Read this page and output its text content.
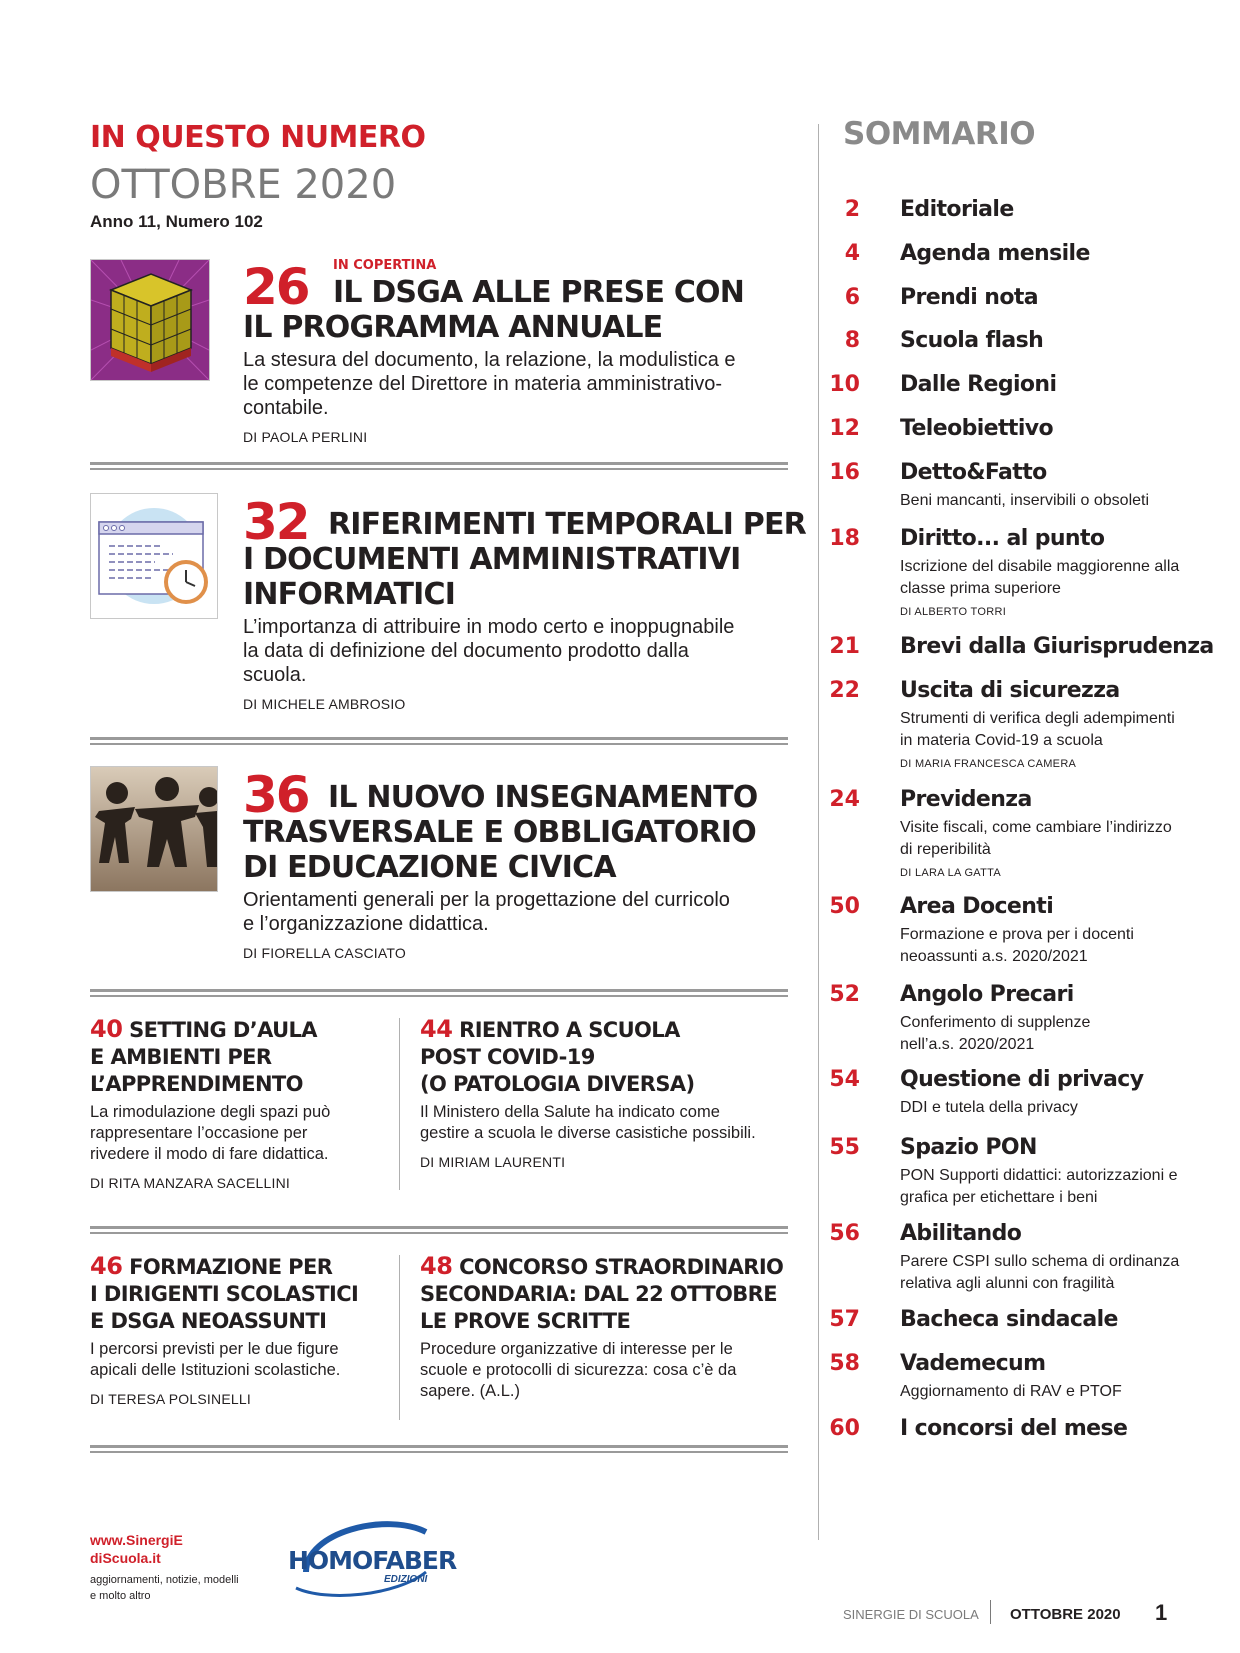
IN QUESTO NUMERO
OTTOBRE 2020
Anno 11, Numero 102
26 IN COPERTINA
IL DSGA ALLE PRESE CON
IL PROGRAMMA ANNUALE
La stesura del documento, la relazione, la modulistica e
le competenze del Direttore in materia amministrativo-
contabile.
DI PAOLA PERLINI
32 RIFERIMENTI TEMPORALI PER
I DOCUMENTI AMMINISTRATIVI
INFORMATICI
L’importanza di attribuire in modo certo e inoppugnabile
la data di definizione del documento prodotto dalla
scuola.
DI MICHELE AMBROSIO
36 IL NUOVO INSEGNAMENTO
TRASVERSALE E OBBLIGATORIO
DI EDUCAZIONE CIVICA
Orientamenti generali per la progettazione del curricolo
e l’organizzazione didattica.
DI FIORELLA CASCIATO
40 SETTING D’AULA
E AMBIENTI PER
L’APPRENDIMENTO
La rimodulazione degli spazi può
rappresentare l’occasione per
rivedere il modo di fare didattica.
DI RITA MANZARA SACELLINI
44 RIENTRO A SCUOLA
POST COVID-19
(O PATOLOGIA DIVERSA)
Il Ministero della Salute ha indicato come
gestire a scuola le diverse casistiche possibili.
DI MIRIAM LAURENTI
46 FORMAZIONE PER
I DIRIGENTI SCOLASTICI
E DSGA NEOASSUNTI
I percorsi previsti per le due figure
apicali delle Istituzioni scolastiche.
DI TERESA POLSINELLI
48 CONCORSO STRAORDINARIO
SECONDARIA: DAL 22 OTTOBRE
LE PROVE SCRITTE
Procedure organizzative di interesse per le
scuole e protocolli di sicurezza: cosa c’è da
sapere. (A.L.)
SOMMARIO
2 Editoriale
4 Agenda mensile
6 Prendi nota
8 Scuola flash
10 Dalle Regioni
12 Teleobiettivo
16 Detto&Fatto
Beni mancanti, inservibili o obsoleti
18 Diritto... al punto
Iscrizione del disabile maggiorenne alla
classe prima superiore
DI ALBERTO TORRI
21 Brevi dalla Giurisprudenza
22 Uscita di sicurezza
Strumenti di verifica degli adempimenti
in materia Covid-19 a scuola
DI MARIA FRANCESCA CAMERA
24 Previdenza
Visite fiscali, come cambiare l’indirizzo
di reperibilità
DI LARA LA GATTA
50 Area Docenti
Formazione e prova per i docenti
neoassunti a.s. 2020/2021
52 Angolo Precari
Conferimento di supplenze
nell’a.s. 2020/2021
54 Questione di privacy
DDI e tutela della privacy
55 Spazio PON
PON Supporti didattici: autorizzazioni e
grafica per etichettare i beni
56 Abilitando
Parere CSPI sullo schema di ordinanza
relativa agli alunni con fragilità
57 Bacheca sindacale
58 Vademecum
Aggiornamento di RAV e PTOF
60 I concorsi del mese
www.SinergiE
diScuola.it
aggiornamenti, notizie, modelli
e molto altro
HOMOFABER
EDIZIONI
SINERGIE DI SCUOLA OTTOBRE 2020 1
